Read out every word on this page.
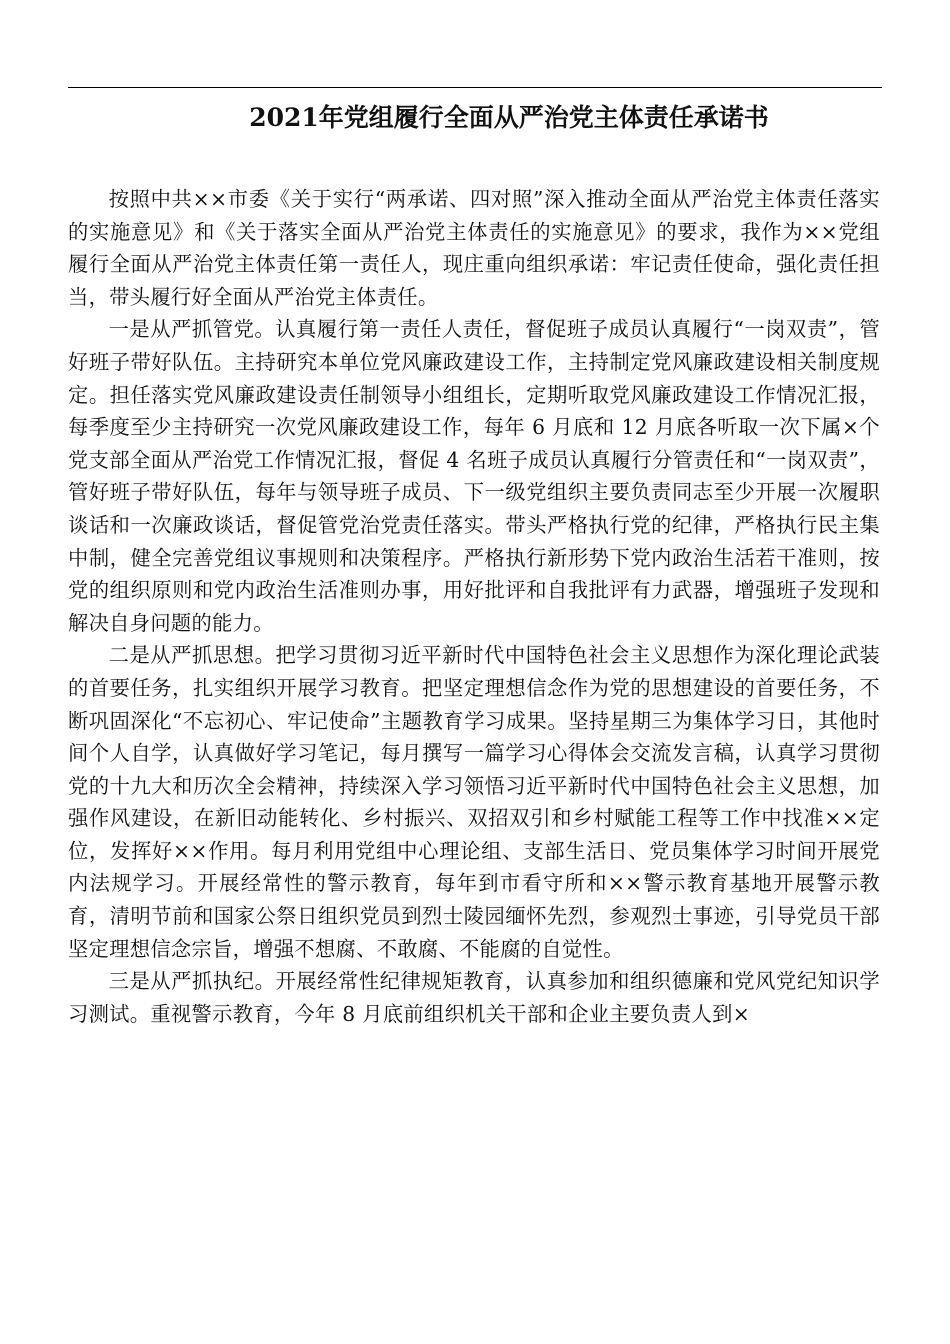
2021年党组履行全面从严治党主体责任承诺书

按照中共××市委《关于实行“两承诺、四对照”深入推动全面从严治党主体责任落实的实施意见》和《关于落实全面从严治党主体责任的实施意见》的要求，我作为××党组履行全面从严治党主体责任第一责任人，现庄重向组织承诺：牢记责任使命，强化责任担当，带头履行好全面从严治党主体责任。

一是从严抓管党。认真履行第一责任人责任，督促班子成员认真履行“一岗双责”，管好班子带好队伍。主持研究本单位党风廉政建设工作，主持制定党风廉政建设相关制度规定。担任落实党风廉政建设责任制领导小组组长，定期听取党风廉政建设工作情况汇报，每季度至少主持研究一次党风廉政建设工作，每年 6 月底和 12 月底各听取一次下属×个党支部全面从严治党工作情况汇报，督促 4 名班子成员认真履行分管责任和“一岗双责”，管好班子带好队伍，每年与领导班子成员、下一级党组织主要负责同志至少开展一次履职谈话和一次廉政谈话，督促管党治党责任落实。带头严格执行党的纪律，严格执行民主集中制，健全完善党组议事规则和决策程序。严格执行新形势下党内政治生活若干准则，按党的组织原则和党内政治生活准则办事，用好批评和自我批评有力武器，增强班子发现和解决自身问题的能力。

二是从严抓思想。把学习贯彻习近平新时代中国特色社会主义思想作为深化理论武装的首要任务，扎实组织开展学习教育。把坚定理想信念作为党的思想建设的首要任务，不断巩固深化“不忘初心、牢记使命”主题教育学习成果。坚持星期三为集体学习日，其他时间个人自学，认真做好学习笔记，每月撰写一篇学习心得体会交流发言稿，认真学习贯彻党的十九大和历次全会精神，持续深入学习领悟习近平新时代中国特色社会主义思想，加强作风建设，在新旧动能转化、乡村振兴、双招双引和乡村赋能工程等工作中找准××定位，发挥好××作用。每月利用党组中心理论组、支部生活日、党员集体学习时间开展党内法规学习。开展经常性的警示教育，每年到市看守所和××警示教育基地开展警示教育，清明节前和国家公祭日组织党员到烈士陵园缅怀先烈，参观烈士事迹，引导党员干部坚定理想信念宗旨，增强不想腐、不敢腐、不能腐的自觉性。

三是从严抓执纪。开展经常性纪律规矩教育，认真参加和组织德廉和党风党纪知识学习测试。重视警示教育，今年 8 月底前组织机关干部和企业主要负责人到×
